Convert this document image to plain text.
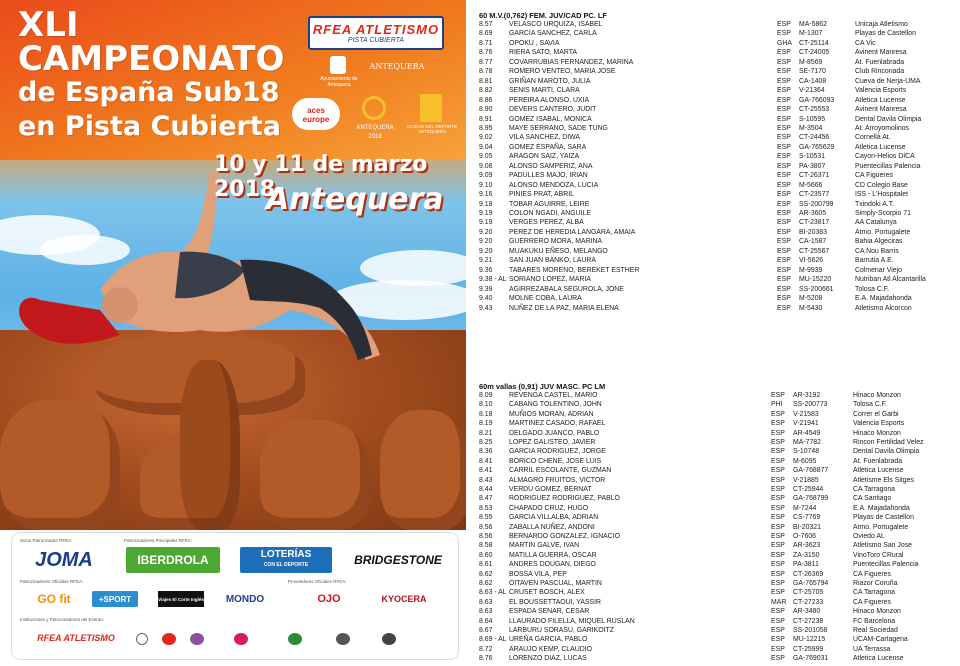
XLI CAMPEONATO
de España Sub18
en Pista Cubierta
RFEA ATLETISMO
PISTA CUBIERTA
Ayuntamiento de Antequera
ANTEQUERA
aces europe
ANTEQUERA 2018
CIUDAD DEL DEPORTE ANTEQUERA
10 y 11 de marzo 2018
Antequera
Socio Patrocinador RFEA:	Patrocinadores Principales RFEA:
JOMA	IBERDROLA	LOTERÍAS
CON EL DEPORTE	BRIDGESTONE
Patrocinadores Oficiales RFEA:	Proveedores Oficiales RFEA:
GO fit	+SPORT	Viajes El Corte Inglés	MONDO	OJO	KYOCERA
Instituciones y Patrocinadores del Evento:
RFEA ATLETISMO
60 M.V.(0,762) FEM. JUV/CAD PC. LF
8.57 VELASCO URQUIZA, ISABEL	ESP MA-5862	Unicaja Atletismo
8.69 GARCIA SANCHEZ, CARLA	ESP M-1307	Playas de Castellon
8.71 OPOKU , SAVIA	GHA CT-25114	CA Vic
8.76 RIERA SATO, MARTA	ESP CT-24005	Avinent Manresa
8.77 COVARRUBIAS FERNANDEZ, MARINA	ESP M-8569	At. Fuenlabrada
8.78 ROMERO VENTEO, MARIA JOSE	ESP SE-7170	Club Rinconada
8.81 GRIÑAN MAROTO, JULIA	ESP CA-1408	Cueva de Nerja-UMA
8.82 SENIS MARTI, CLARA	ESP V-21364	Valencia Esports
8.86 PEREIRA ALONSO, UXIA	ESP GA-766093	Atletica Lucense
8.90 DEVERS CANTERO, JUDIT	ESP CT-25553	Avinent Manresa
8.91 GOMEZ ISABAL, MONICA	ESP S-10595	Dental Davila Olimpia
8.95 MAYE SERRANO, SADE TUNG	ESP M-3504	At. Arroyomolinos
9.02 VILA SANCHEZ, DIWA	ESP CT-24456	Cornellà At.
9.04 GOMEZ ESPAÑA, SARA	ESP GA-765629	Atletica Lucense
9.05 ARAGON SAIZ, YAIZA	ESP S-10531	Cayon-Helios DICA
9.08 ALONSO SAMPERIZ, ANA	ESP PA-3807	Puentecillas Palencia
9.09 PADULLES MAJO, IRIAN	ESP CT-26371	CA Figueres
9.10 ALONSO MENDOZA, LUCIA	ESP M-5666	CD Colegio Base
9.16 PINIES PRAT, ABRIL	ESP CT-23577	ISS - L'Hospitalet
9.18 TOBAR AGUIRRE, LEIRE	ESP SS-200799	Txindoki A.T.
9.19 COLON NGADI, ANGUILE	ESP AR-3605	Simply-Scorpio 71
9.19 VERGES PEREZ, ALBA	ESP CT-23817	AA Catalunya
9.20 PEREZ DE HEREDIA LANGARA, AMAIA	ESP BI-20383	Atmo. Portugalete
9.20 GUERRERO MORA, MARINA	ESP CA-1587	Bahia Algeciras
9.20 MUAKUKU EÑESO, MELANGO	ESP CT-25567	CA Nou Barris
9.21 SAN JUAN BANKO, LAURA	ESP VI-5626	Barrutia A.E.
9.36 TABARES MORENO, BEREKET ESTHER	ESP M-9939	Colmenar Viejo
9.38 - AL SORIANO LOPEZ, MARIA	ESP MU-15220	Nutriban Atl Alcantarilla
9.39 AGIRREZABALA SEGUROLA, JONE	ESP SS-200661	Tolosa C.F.
9.40 MOLNE COBA, LAURA	ESP M-5208	E.A. Majadahonda
9.43 NUÑEZ DE LA PAZ, MARIA ELENA	ESP M-5430	Atletismo Alcorcon
60m vallas (0,91) JUV MASC. PC LM
8.09 REVENGA CASTEL, MARIO	ESP AR-3192	Hinaco Monzon
8.10 CABANG TOLENTINO, JOHN	PHI SS-200773	Tolosa C.F.
8.18 MUÑIOS MORAN, ADRIAN	ESP V-21583	Correr el Garbi
8.19 MARTINEZ CASADO, RAFAEL	ESP V-21941	Valencia Esports
8.21 DELGADO JUANCO, PABLO	ESP AR-4549	Hinaco Monzon
8.25 LOPEZ GALISTEO, JAVIER	ESP MA-7782	Rincon Fertilidad Velez
8.36 GARCIA RODRIGUEZ, JORGE	ESP S-10748	Dental Davila Olimpia
8.41 BORICO CHENE, JOSE LUIS	ESP M-6095	At. Fuenlabrada
8.41 CARRIL ESCOLANTE, GUZMAN	ESP GA-768877	Atletica Lucense
8.43 ALMAGRO FRUITOS, VICTOR	ESP V-21885	Atletisme Els Sitges
8.44 VERDU GOMEZ, BERNAT	ESP CT-25944	CA Tarragona
8.47 RODRIGUEZ RODRIGUEZ, PABLO	ESP GA-768799	CA Santiago
8.53 CHAPADO CRUZ, HUGO	ESP M-7244	E.A. Majadahonda
8.55 GARCIA VILLALBA, ADRIAN	ESP CS-7769	Playas de Castellon
8.56 ZABALLA NUÑEZ, ANDONI	ESP BI-20321	Atmo. Portugalete
8.56 BERNARDO GONZALEZ, IGNACIO	ESP O-7606	Oviedo At.
8.58 MARTIN GALVE, IVAN	ESP AR-3623	Atletismo San Jose
8.60 MATILLA GUERRA, OSCAR	ESP ZA-3150	VinoToro CRural
8.61 ANDRES DOUGAN, DIEGO	ESP PA-3811	Puentecillas Palencia
8.62 BOSSA VILA, PEP	ESP CT-26369	CA Figueres
8.62 OITAVEN PASCUAL, MARTIN	ESP GA-765794	Riazor Coruña
8.63 - AL CRUSET BOSCH, ALEX	ESP CT-25705	CA Tarragona
8.63 EL BOUSSETTAOUI, YASSIR	MAR CT-27233	CA Figueres
8.63 ESPADA SENAR, CESAR	ESP AR-3480	Hinaco Monzon
8.64 LLAURADO FILELLA, MIQUEL RUSLAN	ESP CT-27238	FC Barcelona
8.67 LARBURU SORASU, GARIKOITZ	ESP SS-201058	Real Sociedad
8.69 - AL UREÑA GARCIA, PABLO	ESP MU-12215	UCAM-Cartagena
8.72 ARAUJO KEMP, CLAUDIO	ESP CT-25999	UA Terrassa
8.76 LORENZO DIAZ, LUCAS	ESP GA-769031	Atletica Lucense
